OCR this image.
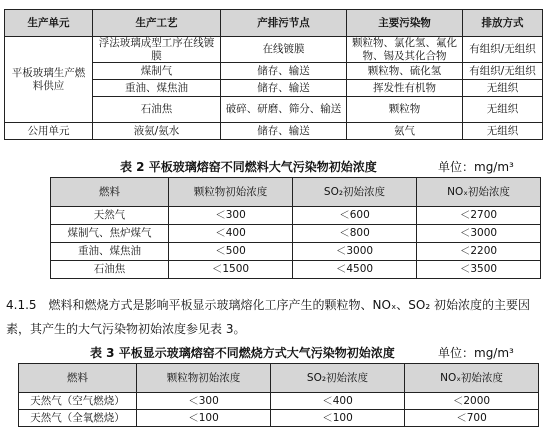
生产单元	生产工艺	产排污节点	主要污染物	排放方式
平板玻璃生产燃料供应	浮法玻璃成型工序在线镀膜	在线镀膜	颗粒物、氯化氢、氟化物、锡及其化合物	有组织/无组织
	煤制气	储存、输送	颗粒物、硫化氢	有组织/无组织
	重油、煤焦油	储存、输送	挥发性有机物	无组织
	石油焦	破碎、研磨、筛分、输送	颗粒物	无组织
公用单元	液氨/氨水	储存、输送	氨气	无组织
表 2 平板玻璃熔窑不同燃料大气污染物初始浓度	单位：mg/m³
燃料	颗粒物初始浓度	SO₂初始浓度	NOₓ初始浓度
天然气	＜300	＜600	＜2700
煤制气、焦炉煤气	＜400	＜800	＜3000
重油、煤焦油	＜500	＜3000	＜2200
石油焦	＜1500	＜4500	＜3500
4.1.5　燃料和燃烧方式是影响平板显示玻璃熔化工序产生的颗粒物、NOₓ、SO₂ 初始浓度的主要因素，其产生的大气污染物初始浓度参见表 3。
表 3 平板显示玻璃熔窑不同燃烧方式大气污染物初始浓度	单位：mg/m³
燃料	颗粒物初始浓度	SO₂初始浓度	NOₓ初始浓度
天然气（空气燃烧）	＜300	＜400	＜2000
天然气（全氧燃烧）	＜100	＜100	＜700
